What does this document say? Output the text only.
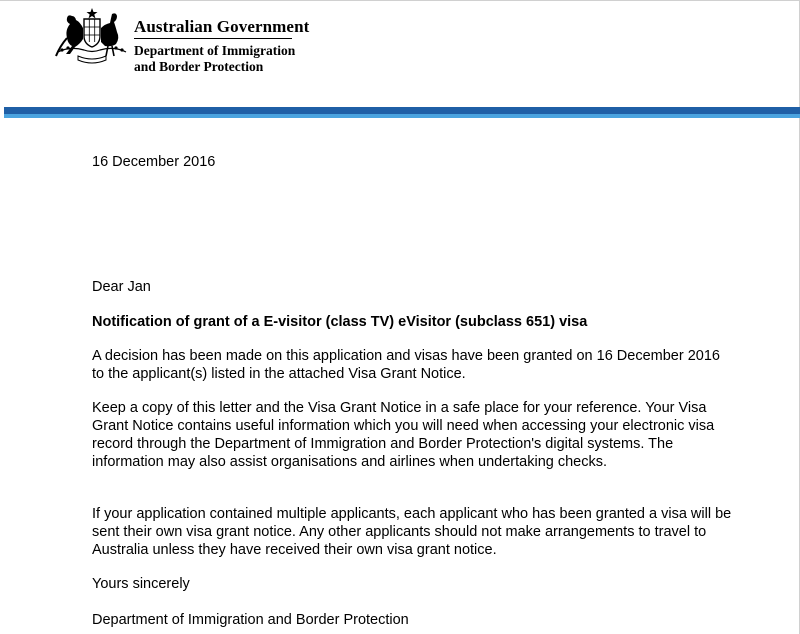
Australian Government
Department of Immigration
and Border Protection
16 December 2016
Dear Jan
Notification of grant of a E-visitor (class TV) eVisitor (subclass 651) visa
A decision has been made on this application and visas have been granted on 16 December 2016 to the applicant(s) listed in the attached Visa Grant Notice.
Keep a copy of this letter and the Visa Grant Notice in a safe place for your reference. Your Visa Grant Notice contains useful information which you will need when accessing your electronic visa record through the Department of Immigration and Border Protection's digital systems. The information may also assist organisations and airlines when undertaking checks.
If your application contained multiple applicants, each applicant who has been granted a visa will be sent their own visa grant notice. Any other applicants should not make arrangements to travel to Australia unless they have received their own visa grant notice.
Yours sincerely
Department of Immigration and Border Protection
